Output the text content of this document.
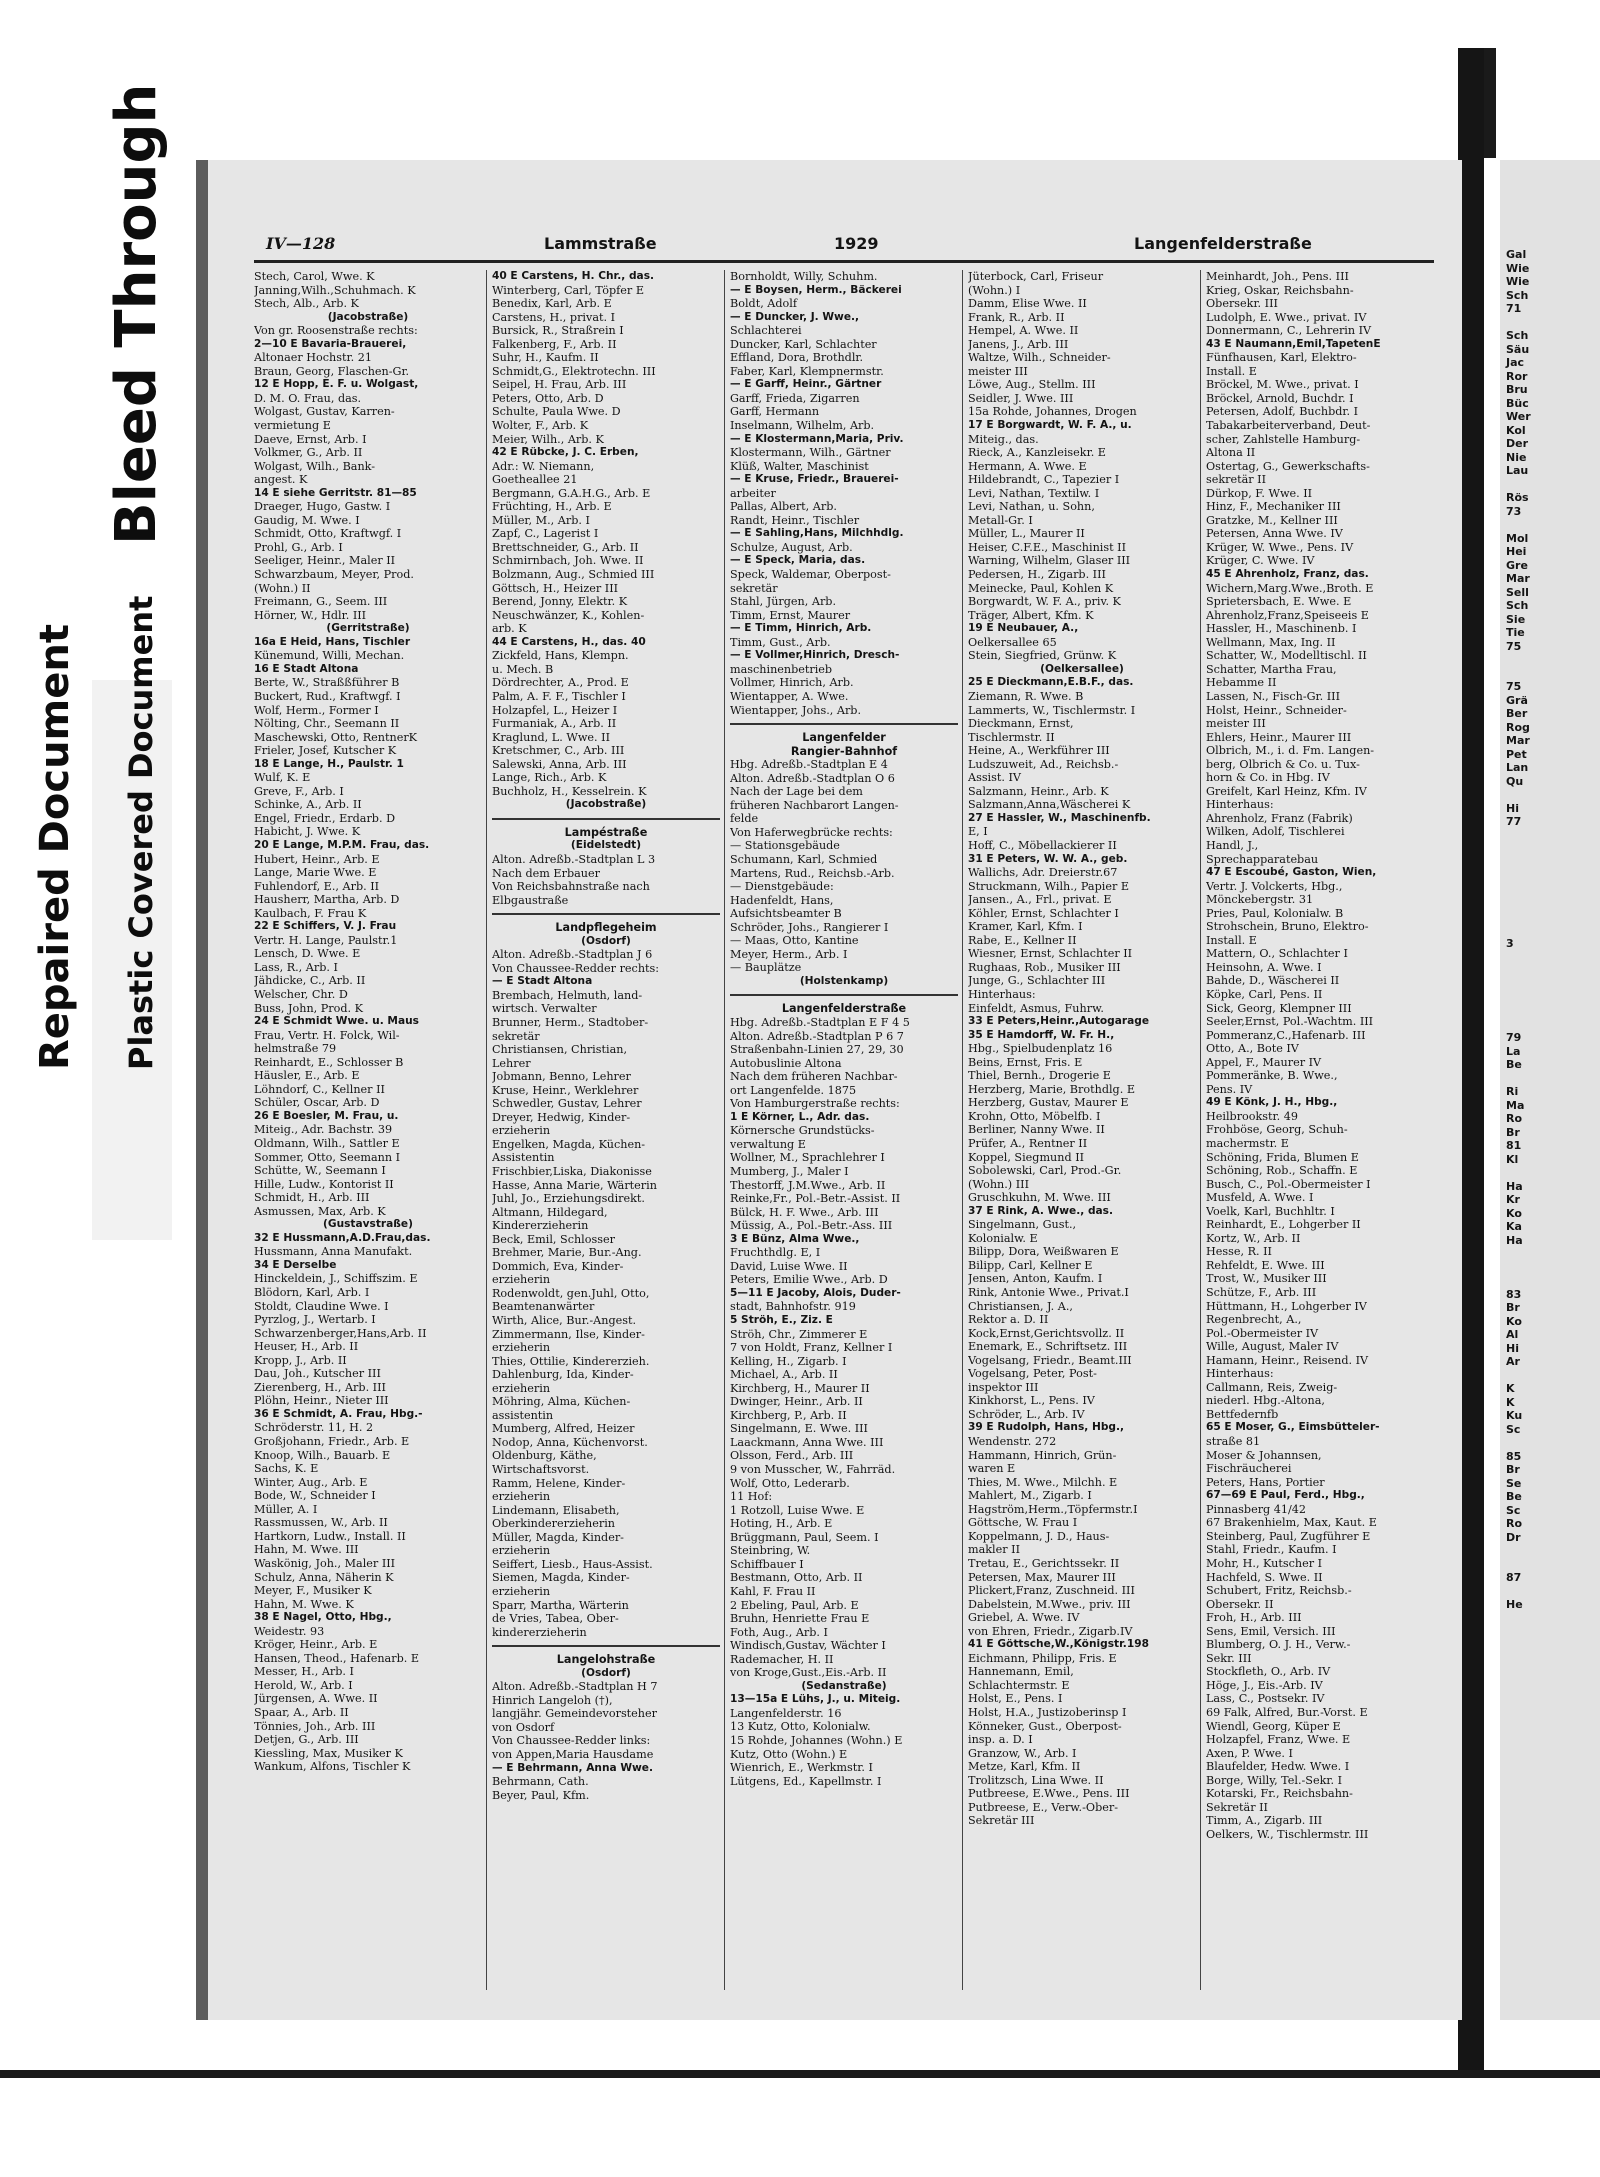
Bleed Through
Repaired Document Plastic Covered Document
IV—128	Lammstraße	1929	Langenfelderstraße
Stech, Carol, Wwe. K
Janning,Wilh.,Schuhmach. K
Stech, Alb., Arb. K
(Jacobstraße)
Von gr. Roosenstraße rechts:
2—10 E Bavaria-Brauerei,
Altonaer Hochstr. 21
Braun, Georg, Flaschen-Gr.
12 E Hopp, E. F. u. Wolgast,
D. M. O. Frau, das.
Wolgast, Gustav, Karren-
vermietung E
Daeve, Ernst, Arb. I
Volkmer, G., Arb. II
Wolgast, Wilh., Bank-
angest. K
14 E siehe Gerritstr. 81—85
Draeger, Hugo, Gastw. I
Gaudig, M. Wwe. I
Schmidt, Otto, Kraftwgf. I
Prohl, G., Arb. I
Seeliger, Heinr., Maler II
Schwarzbaum, Meyer, Prod.
(Wohn.) II
Freimann, G., Seem. III
Hörner, W., Hdlr. III
(Gerritstraße)
16a E Heid, Hans, Tischler
Künemund, Willi, Mechan.
16 E Stadt Altona
Berte, W., Straßßführer B
Buckert, Rud., Kraftwgf. I
Wolf, Herm., Former I
Nölting, Chr., Seemann II
Maschewski, Otto, RentnerK
Frieler, Josef, Kutscher K
18 E Lange, H., Paulstr. 1
Wulf, K. E
Greve, F., Arb. I
Schinke, A., Arb. II
Engel, Friedr., Erdarb. D
Habicht, J. Wwe. K
20 E Lange, M.P.M. Frau, das.
Hubert, Heinr., Arb. E
Lange, Marie Wwe. E
Fuhlendorf, E., Arb. II
Hausherr, Martha, Arb. D
Kaulbach, F. Frau K
22 E Schiffers, V. J. Frau
Vertr. H. Lange, Paulstr.1
Lensch, D. Wwe. E
Lass, R., Arb. I
Jähdicke, C., Arb. II
Welscher, Chr. D
Buss, John, Prod. K
24 E Schmidt Wwe. u. Maus
Frau, Vertr. H. Folck, Wil-
helmstraße 79
Reinhardt, E., Schlosser B
Häusler, E., Arb. E
Löhndorf, C., Kellner II
Schüler, Oscar, Arb. D
26 E Boesler, M. Frau, u.
Miteig., Adr. Bachstr. 39
Oldmann, Wilh., Sattler E
Sommer, Otto, Seemann I
Schütte, W., Seemann I
Hille, Ludw., Kontorist II
Schmidt, H., Arb. III
Asmussen, Max, Arb. K
(Gustavstraße)
32 E Hussmann,A.D.Frau,das.
Hussmann, Anna Manufakt.
34 E Derselbe
Hinckeldein, J., Schiffszim. E
Blödorn, Karl, Arb. I
Stoldt, Claudine Wwe. I
Pyrzlog, J., Wertarb. I
Schwarzenberger,Hans,Arb. II
Heuser, H., Arb. II
Kropp, J., Arb. II
Dau, Joh., Kutscher III
Zierenberg, H., Arb. III
Plöhn, Heinr., Nieter III
36 E Schmidt, A. Frau, Hbg.-
Schröderstr. 11, H. 2
Großjohann, Friedr., Arb. E
Knoop, Wilh., Bauarb. E
Sachs, K. E
Winter, Aug., Arb. E
Bode, W., Schneider I
Müller, A. I
Rassmussen, W., Arb. II
Hartkorn, Ludw., Install. II
Hahn, M. Wwe. III
Waskönig, Joh., Maler III
Schulz, Anna, Näherin K
Meyer, F., Musiker K
Hahn, M. Wwe. K
38 E Nagel, Otto, Hbg.,
Weidestr. 93
Kröger, Heinr., Arb. E
Hansen, Theod., Hafenarb. E
Messer, H., Arb. I
Herold, W., Arb. I
Jürgensen, A. Wwe. II
Spaar, A., Arb. II
Tönnies, Joh., Arb. III
Detjen, G., Arb. III
Kiessling, Max, Musiker K
Wankum, Alfons, Tischler K
40 E Carstens, H. Chr., das.
Winterberg, Carl, Töpfer E
Benedix, Karl, Arb. E
Carstens, H., privat. I
Bursick, R., Straßrein I
Falkenberg, F., Arb. II
Suhr, H., Kaufm. II
Schmidt,G., Elektrotechn. III
Seipel, H. Frau, Arb. III
Peters, Otto, Arb. D
Schulte, Paula Wwe. D
Wolter, F., Arb. K
Meier, Wilh., Arb. K
42 E Rübcke, J. C. Erben,
Adr.: W. Niemann,
Goetheallee 21
Bergmann, G.A.H.G., Arb. E
Früchting, H., Arb. E
Müller, M., Arb. I
Zapf, C., Lagerist I
Brettschneider, G., Arb. II
Schmirnbach, Joh. Wwe. II
Bolzmann, Aug., Schmied III
Göttsch, H., Heizer III
Berend, Jonny, Elektr. K
Neuschwänzer, K., Kohlen-
arb. K
44 E Carstens, H., das. 40
Zickfeld, Hans, Klempn.
u. Mech. B
Dördrechter, A., Prod. E
Palm, A. F. F., Tischler I
Holzapfel, L., Heizer I
Furmaniak, A., Arb. II
Kraglund, L. Wwe. II
Kretschmer, C., Arb. III
Salewski, Anna, Arb. III
Lange, Rich., Arb. K
Buchholz, H., Kesselrein. K
(Jacobstraße)
Lampéstraße
(Eidelstedt)
Alton. Adreßb.-Stadtplan L 3
Nach dem Erbauer
Von Reichsbahnstraße nach
Elbgaustraße
Landpflegeheim
(Osdorf)
Alton. Adreßb.-Stadtplan J 6
Von Chaussee-Redder rechts:
— E Stadt Altona
Brembach, Helmuth, land-
wirtsch. Verwalter
Brunner, Herm., Stadtober-
sekretär
Christiansen, Christian,
Lehrer
Jobmann, Benno, Lehrer
Kruse, Heinr., Werklehrer
Schwedler, Gustav, Lehrer
Dreyer, Hedwig, Kinder-
erzieherin
Engelken, Magda, Küchen-
Assistentin
Frischbier,Liska, Diakonisse
Hasse, Anna Marie, Wärterin
Juhl, Jo., Erziehungsdirekt.
Altmann, Hildegard,
Kindererzieherin
Beck, Emil, Schlosser
Brehmer, Marie, Bur.-Ang.
Dommich, Eva, Kinder-
erzieherin
Rodenwoldt, gen.Juhl, Otto,
Beamtenanwärter
Wirth, Alice, Bur.-Angest.
Zimmermann, Ilse, Kinder-
erzieherin
Thies, Ottilie, Kindererzieh.
Dahlenburg, Ida, Kinder-
erzieherin
Möhring, Alma, Küchen-
assistentin
Mumberg, Alfred, Heizer
Nodop, Anna, Küchenvorst.
Oldenburg, Käthe,
Wirtschaftsvorst.
Ramm, Helene, Kinder-
erzieherin
Lindemann, Elisabeth,
Oberkindererzieherin
Müller, Magda, Kinder-
erzieherin
Seiffert, Liesb., Haus-Assist.
Siemen, Magda, Kinder-
erzieherin
Sparr, Martha, Wärterin
de Vries, Tabea, Ober-
kindererzieherin
Langelohstraße
(Osdorf)
Alton. Adreßb.-Stadtplan H 7
Hinrich Langeloh (†),
langjähr. Gemeindevorsteher
von Osdorf
Von Chaussee-Redder links:
von Appen,Maria Hausdame
— E Behrmann, Anna Wwe.
Behrmann, Cath.
Beyer, Paul, Kfm.
Bornholdt, Willy, Schuhm.
— E Boysen, Herm., Bäckerei
Boldt, Adolf
— E Duncker, J. Wwe.,
Schlachterei
Duncker, Karl, Schlachter
Effland, Dora, Brothdlr.
Faber, Karl, Klempnermstr.
— E Garff, Heinr., Gärtner
Garff, Frieda, Zigarren
Garff, Hermann
Inselmann, Wilhelm, Arb.
— E Klostermann,Maria, Priv.
Klostermann, Wilh., Gärtner
Klüß, Walter, Maschinist
— E Kruse, Friedr., Brauerei-
arbeiter
Pallas, Albert, Arb.
Randt, Heinr., Tischler
— E Sahling,Hans, Milchhdlg.
Schulze, August, Arb.
— E Speck, Maria, das.
Speck, Waldemar, Oberpost-
sekretär
Stahl, Jürgen, Arb.
Timm, Ernst, Maurer
— E Timm, Hinrich, Arb.
Timm, Gust., Arb.
— E Vollmer,Hinrich, Dresch-
maschinenbetrieb
Vollmer, Hinrich, Arb.
Wientapper, A. Wwe.
Wientapper, Johs., Arb.
Langenfelder
Rangier-Bahnhof
Hbg. Adreßb.-Stadtplan E 4
Alton. Adreßb.-Stadtplan O 6
Nach der Lage bei dem
früheren Nachbarort Langen-
felde
Von Haferwegbrücke rechts:
— Stationsgebäude
Schumann, Karl, Schmied
Martens, Rud., Reichsb.-Arb.
— Dienstgebäude:
Hadenfeldt, Hans,
Aufsichtsbeamter B
Schröder, Johs., Rangierer I
— Maas, Otto, Kantine
Meyer, Herm., Arb. I
— Bauplätze
(Holstenkamp)
Langenfelderstraße
Hbg. Adreßb.-Stadtplan E F 4 5
Alton. Adreßb.-Stadtplan P 6 7
Straßenbahn-Linien 27, 29, 30
Autobuslinie Altona
Nach dem früheren Nachbar-
ort Langenfelde. 1875
Von Hamburgerstraße rechts:
1 E Körner, L., Adr. das.
Körnersche Grundstücks-
verwaltung E
Wollner, M., Sprachlehrer I
Mumberg, J., Maler I
Thestorff, J.M.Wwe., Arb. II
Reinke,Fr., Pol.-Betr.-Assist. II
Bülck, H. F. Wwe., Arb. III
Müssig, A., Pol.-Betr.-Ass. III
3 E Bünz, Alma Wwe.,
Fruchthdlg. E, I
David, Luise Wwe. II
Peters, Emilie Wwe., Arb. D
5—11 E Jacoby, Alois, Duder-
stadt, Bahnhofstr. 919
5 Ströh, E., Ziz. E
Ströh, Chr., Zimmerer E
7 von Holdt, Franz, Kellner I
Kelling, H., Zigarb. I
Michael, A., Arb. II
Kirchberg, H., Maurer II
Dwinger, Heinr., Arb. II
Kirchberg, P., Arb. II
Singelmann, E. Wwe. III
Laackmann, Anna Wwe. III
Olsson, Ferd., Arb. III
9 von Musscher, W., Fahrräd.
Wolf, Otto, Lederarb.
11 Hof:
1 Rotzoll, Luise Wwe. E
Hoting, H., Arb. E
Brüggmann, Paul, Seem. I
Steinbring, W.
Schiffbauer I
Bestmann, Otto, Arb. II
Kahl, F. Frau II
2 Ebeling, Paul, Arb. E
Bruhn, Henriette Frau E
Foth, Aug., Arb. I
Windisch,Gustav, Wächter I
Rademacher, H. II
von Kroge,Gust.,Eis.-Arb. II
(Sedanstraße)
13—15a E Lühs, J., u. Miteig.
Langenfelderstr. 16
13 Kutz, Otto, Kolonialw.
15 Rohde, Johannes (Wohn.) E
Kutz, Otto (Wohn.) E
Wienrich, E., Werkmstr. I
Lütgens, Ed., Kapellmstr. I
Jüterbock, Carl, Friseur
(Wohn.) I
Damm, Elise Wwe. II
Frank, R., Arb. II
Hempel, A. Wwe. II
Janens, J., Arb. III
Waltze, Wilh., Schneider-
meister III
Löwe, Aug., Stellm. III
Seidler, J. Wwe. III
15a Rohde, Johannes, Drogen
17 E Borgwardt, W. F. A., u.
Miteig., das.
Rieck, A., Kanzleisekr. E
Hermann, A. Wwe. E
Hildebrandt, C., Tapezier I
Levi, Nathan, Textilw. I
Levi, Nathan, u. Sohn,
Metall-Gr. I
Müller, L., Maurer II
Heiser, C.F.E., Maschinist II
Warning, Wilhelm, Glaser III
Pedersen, H., Zigarb. III
Meinecke, Paul, Kohlen K
Borgwardt, W. F. A., priv. K
Träger, Albert, Kfm. K
19 E Neubauer, A.,
Oelkersallee 65
Stein, Siegfried, Grünw. K
(Oelkersallee)
25 E Dieckmann,E.B.F., das.
Ziemann, R. Wwe. B
Lammerts, W., Tischlermstr. I
Dieckmann, Ernst,
Tischlermstr. II
Heine, A., Werkführer III
Ludszuweit, Ad., Reichsb.-
Assist. IV
Salzmann, Heinr., Arb. K
Salzmann,Anna,Wäscherei K
27 E Hassler, W., Maschinenfb.
E, I
Hoff, C., Möbellackierer II
31 E Peters, W. W. A., geb.
Wallichs, Adr. Dreierstr.67
Struckmann, Wilh., Papier E
Jansen., A., Frl., privat. E
Köhler, Ernst, Schlachter I
Kramer, Karl, Kfm. I
Rabe, E., Kellner II
Wiesner, Ernst, Schlachter II
Rughaas, Rob., Musiker III
Junge, G., Schlachter III
Hinterhaus:
Einfeldt, Asmus, Fuhrw.
33 E Peters,Heinr.,Autogarage
35 E Hamdorff, W. Fr. H.,
Hbg., Spielbudenplatz 16
Beins, Ernst, Fris. E
Thiel, Bernh., Drogerie E
Herzberg, Marie, Brothdlg. E
Herzberg, Gustav, Maurer E
Krohn, Otto, Möbelfb. I
Berliner, Nanny Wwe. II
Prüfer, A., Rentner II
Koppel, Siegmund II
Sobolewski, Carl, Prod.-Gr.
(Wohn.) III
Gruschkuhn, M. Wwe. III
37 E Rink, A. Wwe., das.
Singelmann, Gust.,
Kolonialw. E
Bilipp, Dora, Weißwaren E
Bilipp, Carl, Kellner E
Jensen, Anton, Kaufm. I
Rink, Antonie Wwe., Privat.I
Christiansen, J. A.,
Rektor a. D. II
Kock,Ernst,Gerichtsvollz. II
Enemark, E., Schriftsetz. III
Vogelsang, Friedr., Beamt.III
Vogelsang, Peter, Post-
inspektor III
Kinkhorst, L., Pens. IV
Schröder, L., Arb. IV
39 E Rudolph, Hans, Hbg.,
Wendenstr. 272
Hammann, Hinrich, Grün-
waren E
Thies, M. Wwe., Milchh. E
Mahlert, M., Zigarb. I
Hagström,Herm.,Töpfermstr.I
Göttsche, W. Frau I
Koppelmann, J. D., Haus-
makler II
Tretau, E., Gerichtssekr. II
Petersen, Max, Maurer III
Plickert,Franz, Zuschneid. III
Dabelstein, M.Wwe., priv. III
Griebel, A. Wwe. IV
von Ehren, Friedr., Zigarb.IV
41 E Göttsche,W.,Königstr.198
Eichmann, Philipp, Fris. E
Hannemann, Emil,
Schlachtermstr. E
Holst, E., Pens. I
Holst, H.A., Justizoberinsp I
Könneker, Gust., Oberpost-
insp. a. D. I
Granzow, W., Arb. I
Metze, Karl, Kfm. II
Trolitzsch, Lina Wwe. II
Putbreese, E.Wwe., Pens. III
Putbreese, E., Verw.-Ober-
Sekretär III
Meinhardt, Joh., Pens. III
Krieg, Oskar, Reichsbahn-
Obersekr. III
Ludolph, E. Wwe., privat. IV
Donnermann, C., Lehrerin IV
43 E Naumann,Emil,TapetenE
Fünfhausen, Karl, Elektro-
Install. E
Bröckel, M. Wwe., privat. I
Bröckel, Arnold, Buchdr. I
Petersen, Adolf, Buchbdr. I
Tabakarbeiterverband, Deut-
scher, Zahlstelle Hamburg-
Altona II
Ostertag, G., Gewerkschafts-
sekretär II
Dürkop, F. Wwe. II
Hinz, F., Mechaniker III
Gratzke, M., Kellner III
Petersen, Anna Wwe. IV
Krüger, W. Wwe., Pens. IV
Krüger, C. Wwe. IV
45 E Ahrenholz, Franz, das.
Wichern,Marg.Wwe.,Broth. E
Sprietersbach, E. Wwe. E
Ahrenholz,Franz,Speiseeis E
Hassler, H., Maschinenb. I
Wellmann, Max, Ing. II
Schatter, W., Modelltischl. II
Schatter, Martha Frau,
Hebamme II
Lassen, N., Fisch-Gr. III
Holst, Heinr., Schneider-
meister III
Ehlers, Heinr., Maurer III
Olbrich, M., i. d. Fm. Langen-
berg, Olbrich & Co. u. Tux-
horn & Co. in Hbg. IV
Greifelt, Karl Heinz, Kfm. IV
Hinterhaus:
Ahrenholz, Franz (Fabrik)
Wilken, Adolf, Tischlerei
Handl, J.,
Sprechapparatebau
47 E Escoubé, Gaston, Wien,
Vertr. J. Volckerts, Hbg.,
Mönckebergstr. 31
Pries, Paul, Kolonialw. B
Strohschein, Bruno, Elektro-
Install. E
Mattern, O., Schlachter I
Heinsohn, A. Wwe. I
Bahde, D., Wäscherei II
Köpke, Carl, Pens. II
Sick, Georg, Klempner III
Seeler,Ernst, Pol.-Wachtm. III
Pommeranz,C.,Hafenarb. III
Otto, A., Bote IV
Appel, F., Maurer IV
Pommeränke, B. Wwe.,
Pens. IV
49 E Könk, J. H., Hbg.,
Heilbrookstr. 49
Frohböse, Georg, Schuh-
machermstr. E
Schöning, Frida, Blumen E
Schöning, Rob., Schaffn. E
Busch, C., Pol.-Obermeister I
Musfeld, A. Wwe. I
Voelk, Karl, Buchhltr. I
Reinhardt, E., Lohgerber II
Kortz, W., Arb. II
Hesse, R. II
Rehfeldt, E. Wwe. III
Trost, W., Musiker III
Schütze, F., Arb. III
Hüttmann, H., Lohgerber IV
Regenbrecht, A.,
Pol.-Obermeister IV
Wille, August, Maler IV
Hamann, Heinr., Reisend. IV
Hinterhaus:
Callmann, Reis, Zweig-
niederl. Hbg.-Altona,
Bettfedernfb
65 E Moser, G., Eimsbütteler-
straße 81
Moser & Johannsen,
Fischräucherei
Peters, Hans, Portier
67—69 E Paul, Ferd., Hbg.,
Pinnasberg 41/42
67 Brakenhielm, Max, Kaut. E
Steinberg, Paul, Zugführer E
Stahl, Friedr., Kaufm. I
Mohr, H., Kutscher I
Hachfeld, S. Wwe. II
Schubert, Fritz, Reichsb.-
Obersekr. II
Froh, H., Arb. III
Sens, Emil, Versich. III
Blumberg, O. J. H., Verw.-
Sekr. III
Stockfleth, O., Arb. IV
Höge, J., Eis.-Arb. IV
Lass, C., Postsekr. IV
69 Falk, Alfred, Bur.-Vorst. E
Wiendl, Georg, Küper E
Holzapfel, Franz, Wwe. E
Axen, P. Wwe. I
Blaufelder, Hedw. Wwe. I
Borge, Willy, Tel.-Sekr. I
Kotarski, Fr., Reichsbahn-
Sekretär II
Timm, A., Zigarb. III
Oelkers, W., Tischlermstr. III
Gal
Wie
Wie
Sch
71

Sch
Säu
Jac
Ror
Bru
Büc
Wer
Kol
Der
Nie
Lau

Rös
73

Mol
Hei
Gre
Mar
Sell
Sch
Sie
Tie
75

75
Grä
Ber
Rog
Mar
Pet
Lan
Qu

Hi
77

3

79
La
Be

Ri
Ma
Ro
Br
81
Kl

Ha
Kr
Ko
Ka
Ha

83
Br
Ko
Al
Hi
Ar

K
K
Ku
Sc

85
Br
Se
Be
Sc
Ro
Dr

87

He
